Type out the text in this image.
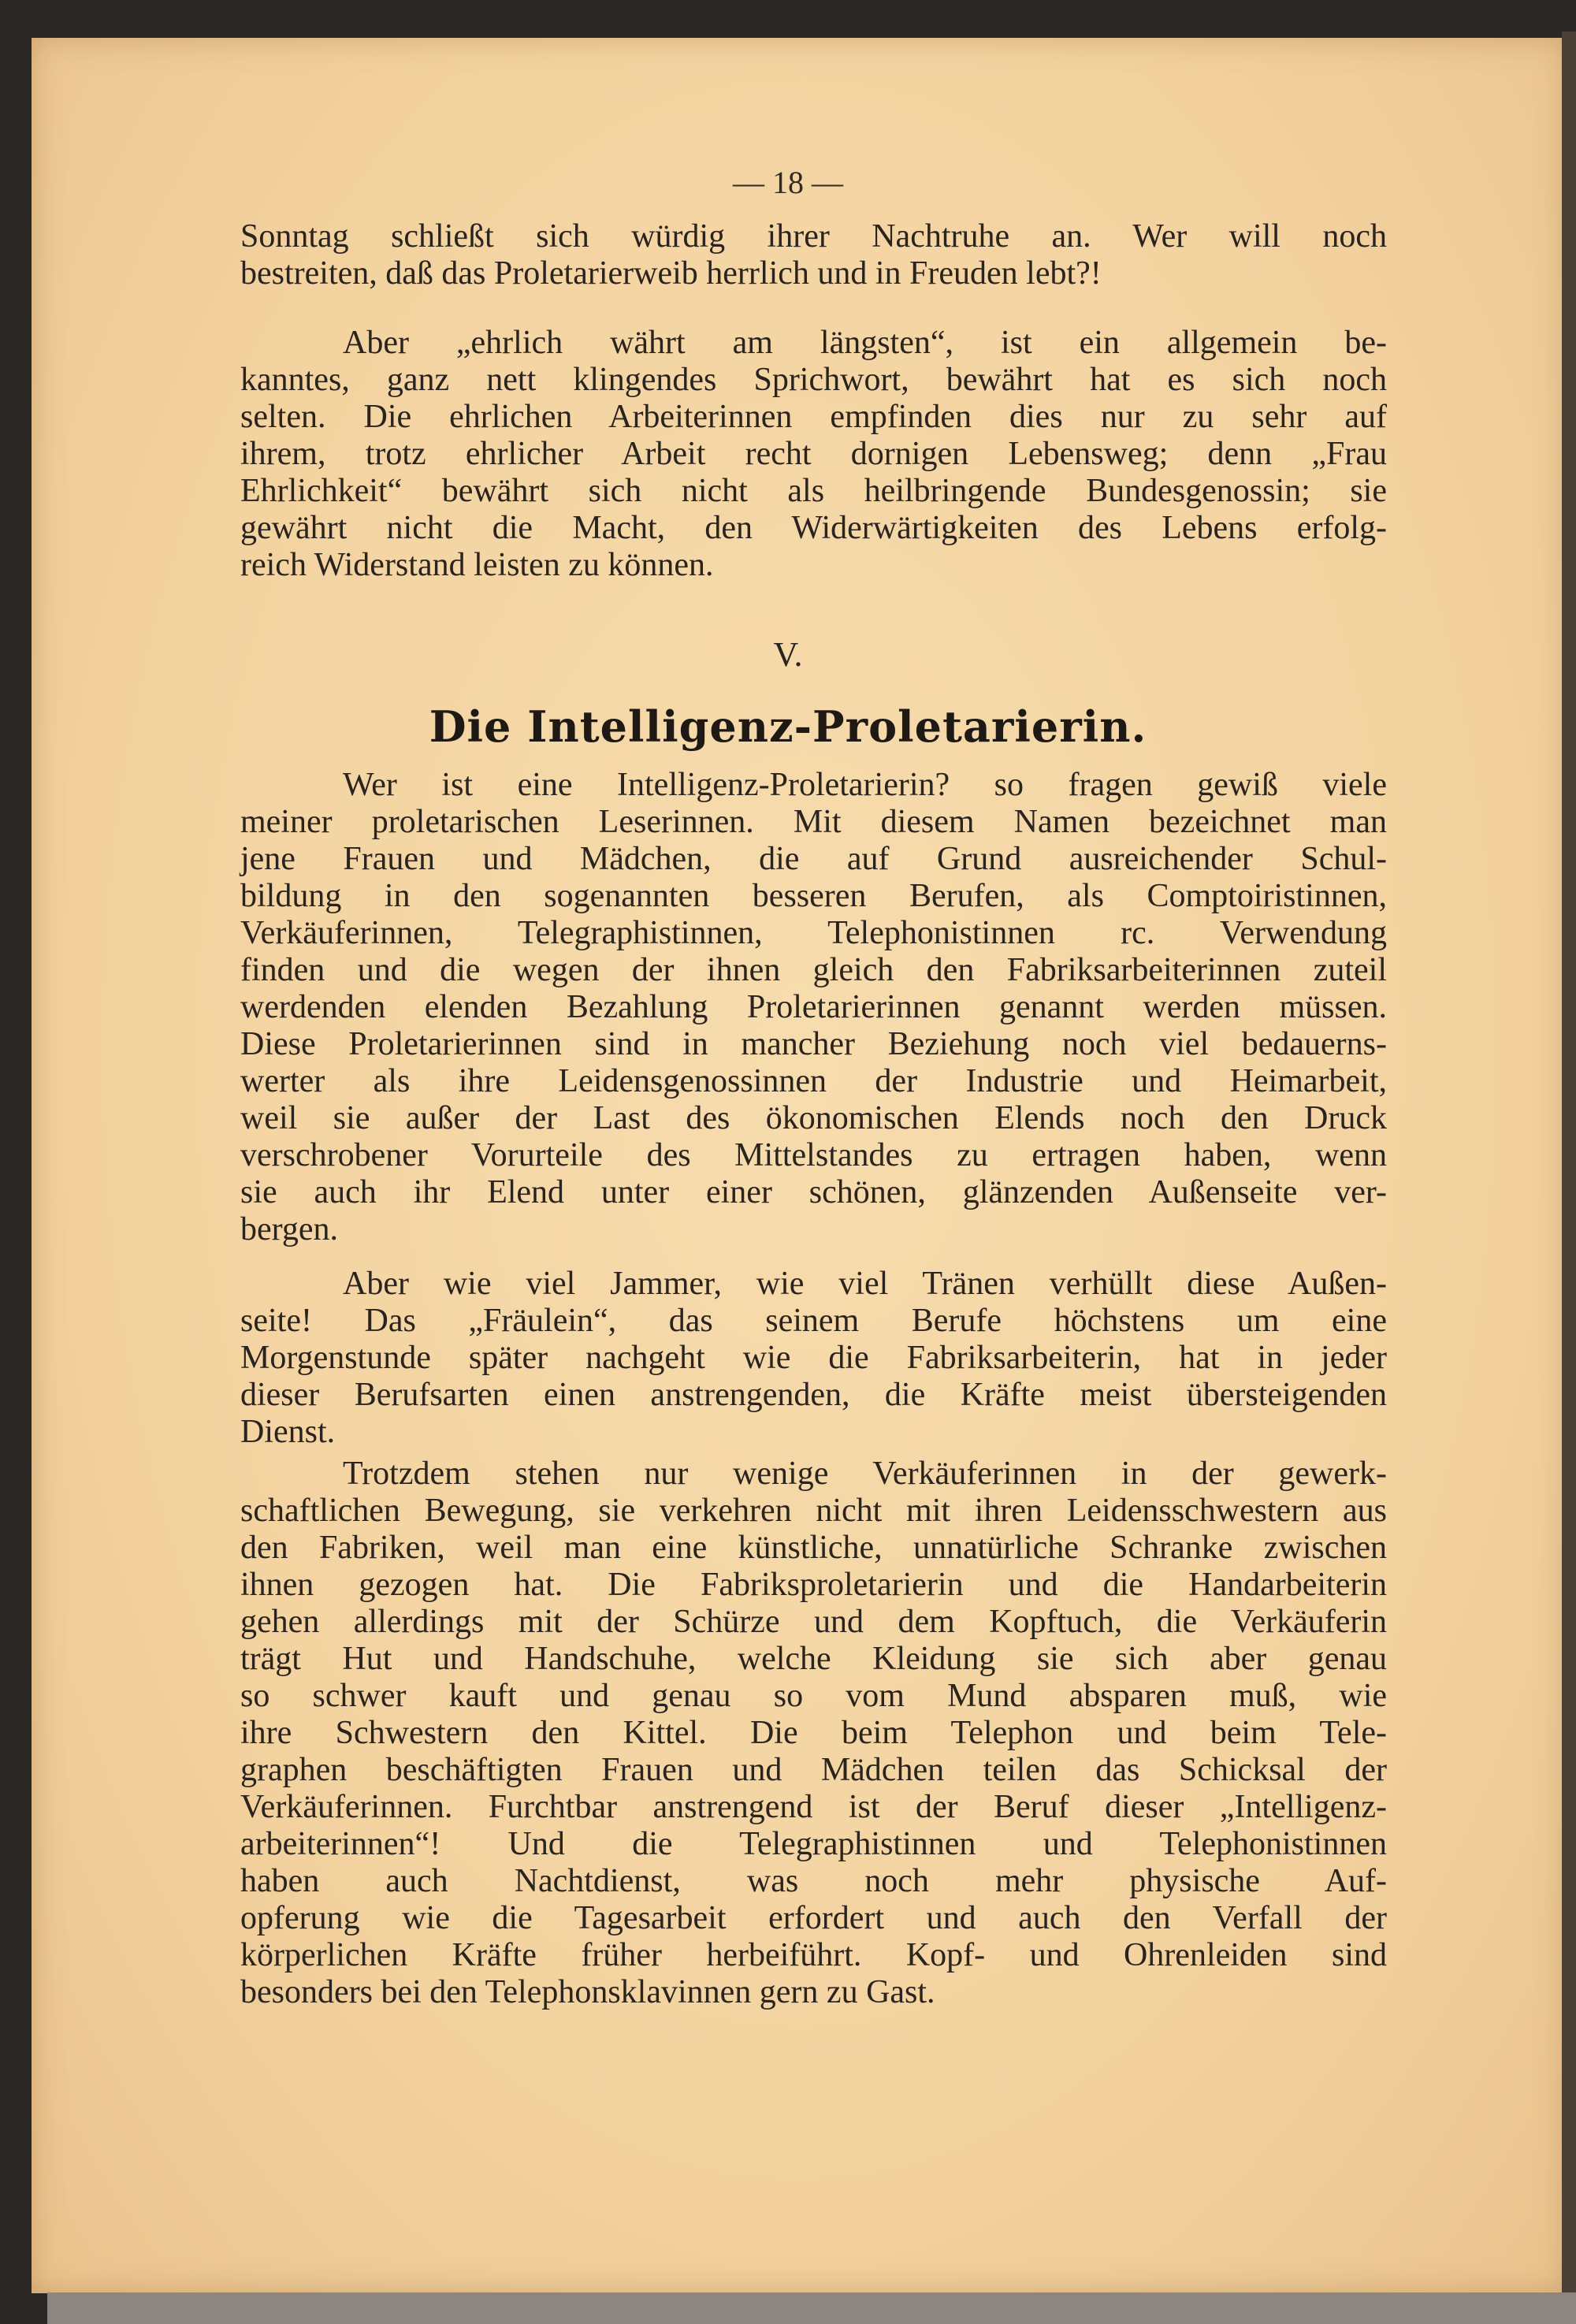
— 18 —
Sonntag schließt sich würdig ihrer Nachtruhe an. Wer will noch
bestreiten, daß das Proletarierweib herrlich und in Freuden lebt?!
Aber „ehrlich währt am längsten“, ist ein allgemein be-
kanntes, ganz nett klingendes Sprichwort, bewährt hat es sich noch
selten. Die ehrlichen Arbeiterinnen empfinden dies nur zu sehr auf
ihrem, trotz ehrlicher Arbeit recht dornigen Lebensweg; denn „Frau
Ehrlichkeit“ bewährt sich nicht als heilbringende Bundesgenossin; sie
gewährt nicht die Macht, den Widerwärtigkeiten des Lebens erfolg-
reich Widerstand leisten zu können.
V.
Die Intelligenz-Proletarierin.
Wer ist eine Intelligenz-Proletarierin? so fragen gewiß viele
meiner proletarischen Leserinnen. Mit diesem Namen bezeichnet man
jene Frauen und Mädchen, die auf Grund ausreichender Schul-
bildung in den sogenannten besseren Berufen, als Comptoiristinnen,
Verkäuferinnen, Telegraphistinnen, Telephonistinnen rc. Verwendung
finden und die wegen der ihnen gleich den Fabriksarbeiterinnen zuteil
werdenden elenden Bezahlung Proletarierinnen genannt werden müssen.
Diese Proletarierinnen sind in mancher Beziehung noch viel bedauerns-
werter als ihre Leidensgenossinnen der Industrie und Heimarbeit,
weil sie außer der Last des ökonomischen Elends noch den Druck
verschrobener Vorurteile des Mittelstandes zu ertragen haben, wenn
sie auch ihr Elend unter einer schönen, glänzenden Außenseite ver-
bergen.
Aber wie viel Jammer, wie viel Tränen verhüllt diese Außen-
seite! Das „Fräulein“, das seinem Berufe höchstens um eine
Morgenstunde später nachgeht wie die Fabriksarbeiterin, hat in jeder
dieser Berufsarten einen anstrengenden, die Kräfte meist übersteigenden
Dienst.
Trotzdem stehen nur wenige Verkäuferinnen in der gewerk-
schaftlichen Bewegung, sie verkehren nicht mit ihren Leidensschwestern aus
den Fabriken, weil man eine künstliche, unnatürliche Schranke zwischen
ihnen gezogen hat. Die Fabriksproletarierin und die Handarbeiterin
gehen allerdings mit der Schürze und dem Kopftuch, die Verkäuferin
trägt Hut und Handschuhe, welche Kleidung sie sich aber genau
so schwer kauft und genau so vom Mund absparen muß, wie
ihre Schwestern den Kittel. Die beim Telephon und beim Tele-
graphen beschäftigten Frauen und Mädchen teilen das Schicksal der
Verkäuferinnen. Furchtbar anstrengend ist der Beruf dieser „Intelligenz-
arbeiterinnen“! Und die Telegraphistinnen und Telephonistinnen
haben auch Nachtdienst, was noch mehr physische Auf-
opferung wie die Tagesarbeit erfordert und auch den Verfall der
körperlichen Kräfte früher herbeiführt. Kopf- und Ohrenleiden sind
besonders bei den Telephonsklavinnen gern zu Gast.
